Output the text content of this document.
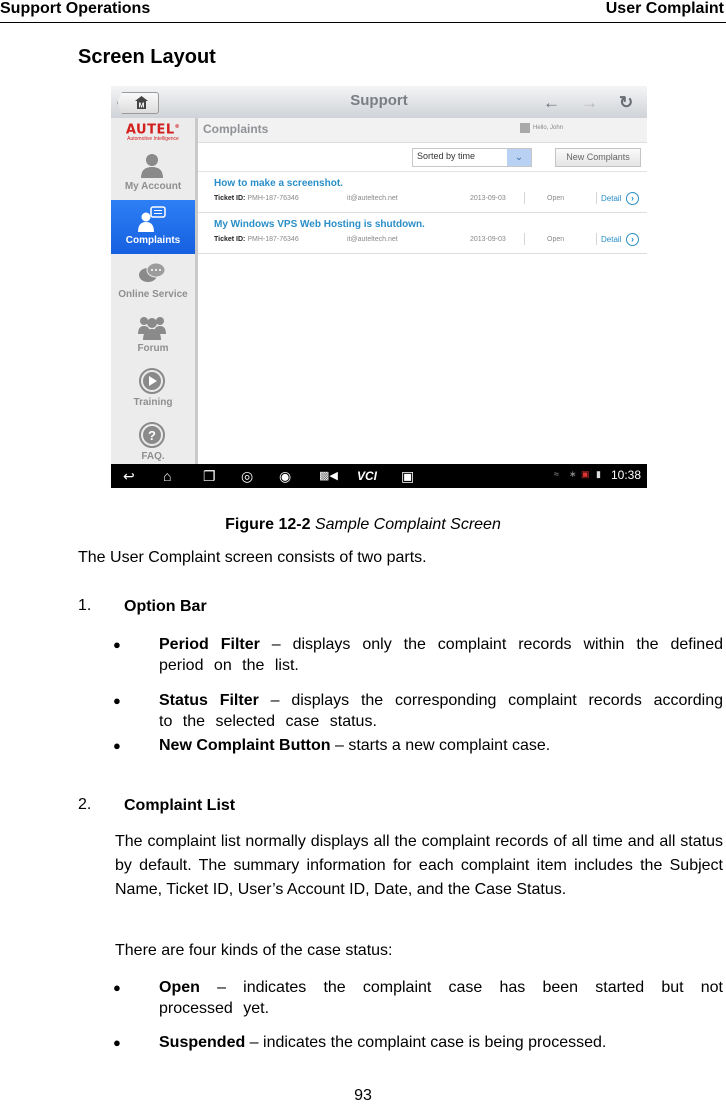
Support Operations	User Complaint
Screen Layout
M	Support	← → ↻
AUTEL®
Automotive Intelligence
My Account
Complaints
Online Service
Forum
Training
?
FAQ.
Complaints	Hello, John
Sorted by time	⌄	New Complants
How to make a screenshot.
Ticket ID: PMH-187-76346	it@auteltech.net	2013-09-03	Open	Detail	›
My Windows VPS Web Hosting is shutdown.
Ticket ID: PMH-187-76346	it@auteltech.net	2013-09-03	Open	Detail	›
↩ ⌂ ❐ ◎ ◉	▩◀ VCI ▣	≈ ∗ ▣ ▮ 10:38
Figure 12-2 Sample Complaint Screen
The User Complaint screen consists of two parts.
1. Option Bar
● Period Filter – displays only the complaint records within the defined period on the list.
● Status Filter – displays the corresponding complaint records according to the selected case status.
● New Complaint Button – starts a new complaint case.
2. Complaint List
The complaint list normally displays all the complaint records of all time and all status by default. The summary information for each complaint item includes the Subject Name, Ticket ID, User’s Account ID, Date, and the Case Status.
There are four kinds of the case status:
● Open – indicates the complaint case has been started but not processed yet.
● Suspended – indicates the complaint case is being processed.
93
